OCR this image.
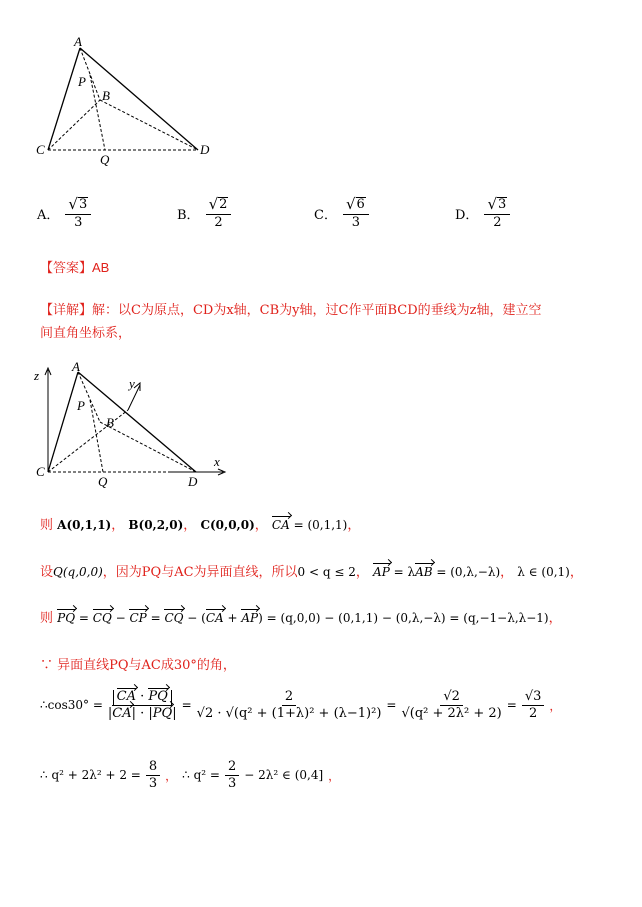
A
P
B
C
Q
D
A． $\frac{√ 3}{3}$	B． $\frac{√ 2}{2}$	C． $\frac{√ 6}{3}$	D． $\frac{√ 3}{2}$
【答案】AB
【详解】解：以C为原点，CD为x轴，CB为y轴，过C作平面BCD的垂线为z轴，建立空
间直角坐标系，
z
A
y
P
B
C
Q	D
x
则 A(0,1,1)， B(0,2,0)， C(0,0,0)， CA = (0,1,1)，
设Q(q,0,0)，因为PQ与AC为异面直线，所以0 < q ≤ 2， AP = λAB = (0,λ,−λ)， λ ∈ (0,1)，
则 PQ = CQ − CP = CQ − (CA + AP) = (q,0,0) − (0,1,1) − (0,λ,−λ) = (q,−1−λ,λ−1)，
∵ 异面直线PQ与AC成30°的角，
∴cos30° = $\frac{CA \cdot PQ}{|CA| \cdot |PQ|} = \frac{2}{\text{√2 · √(q² + (1+λ)² + (λ−1)²)}} = \frac{√2}{\text{√(q² + 2λ² + 2)}} = \frac{√3}{2}$ ，
∴ $q^2 + 2\lambda^2 + 2 = \frac{8}{3}$ ， ∴ $q^2 = \frac{2}{3} - 2\lambda^2$ ∈ (0,4] ，
